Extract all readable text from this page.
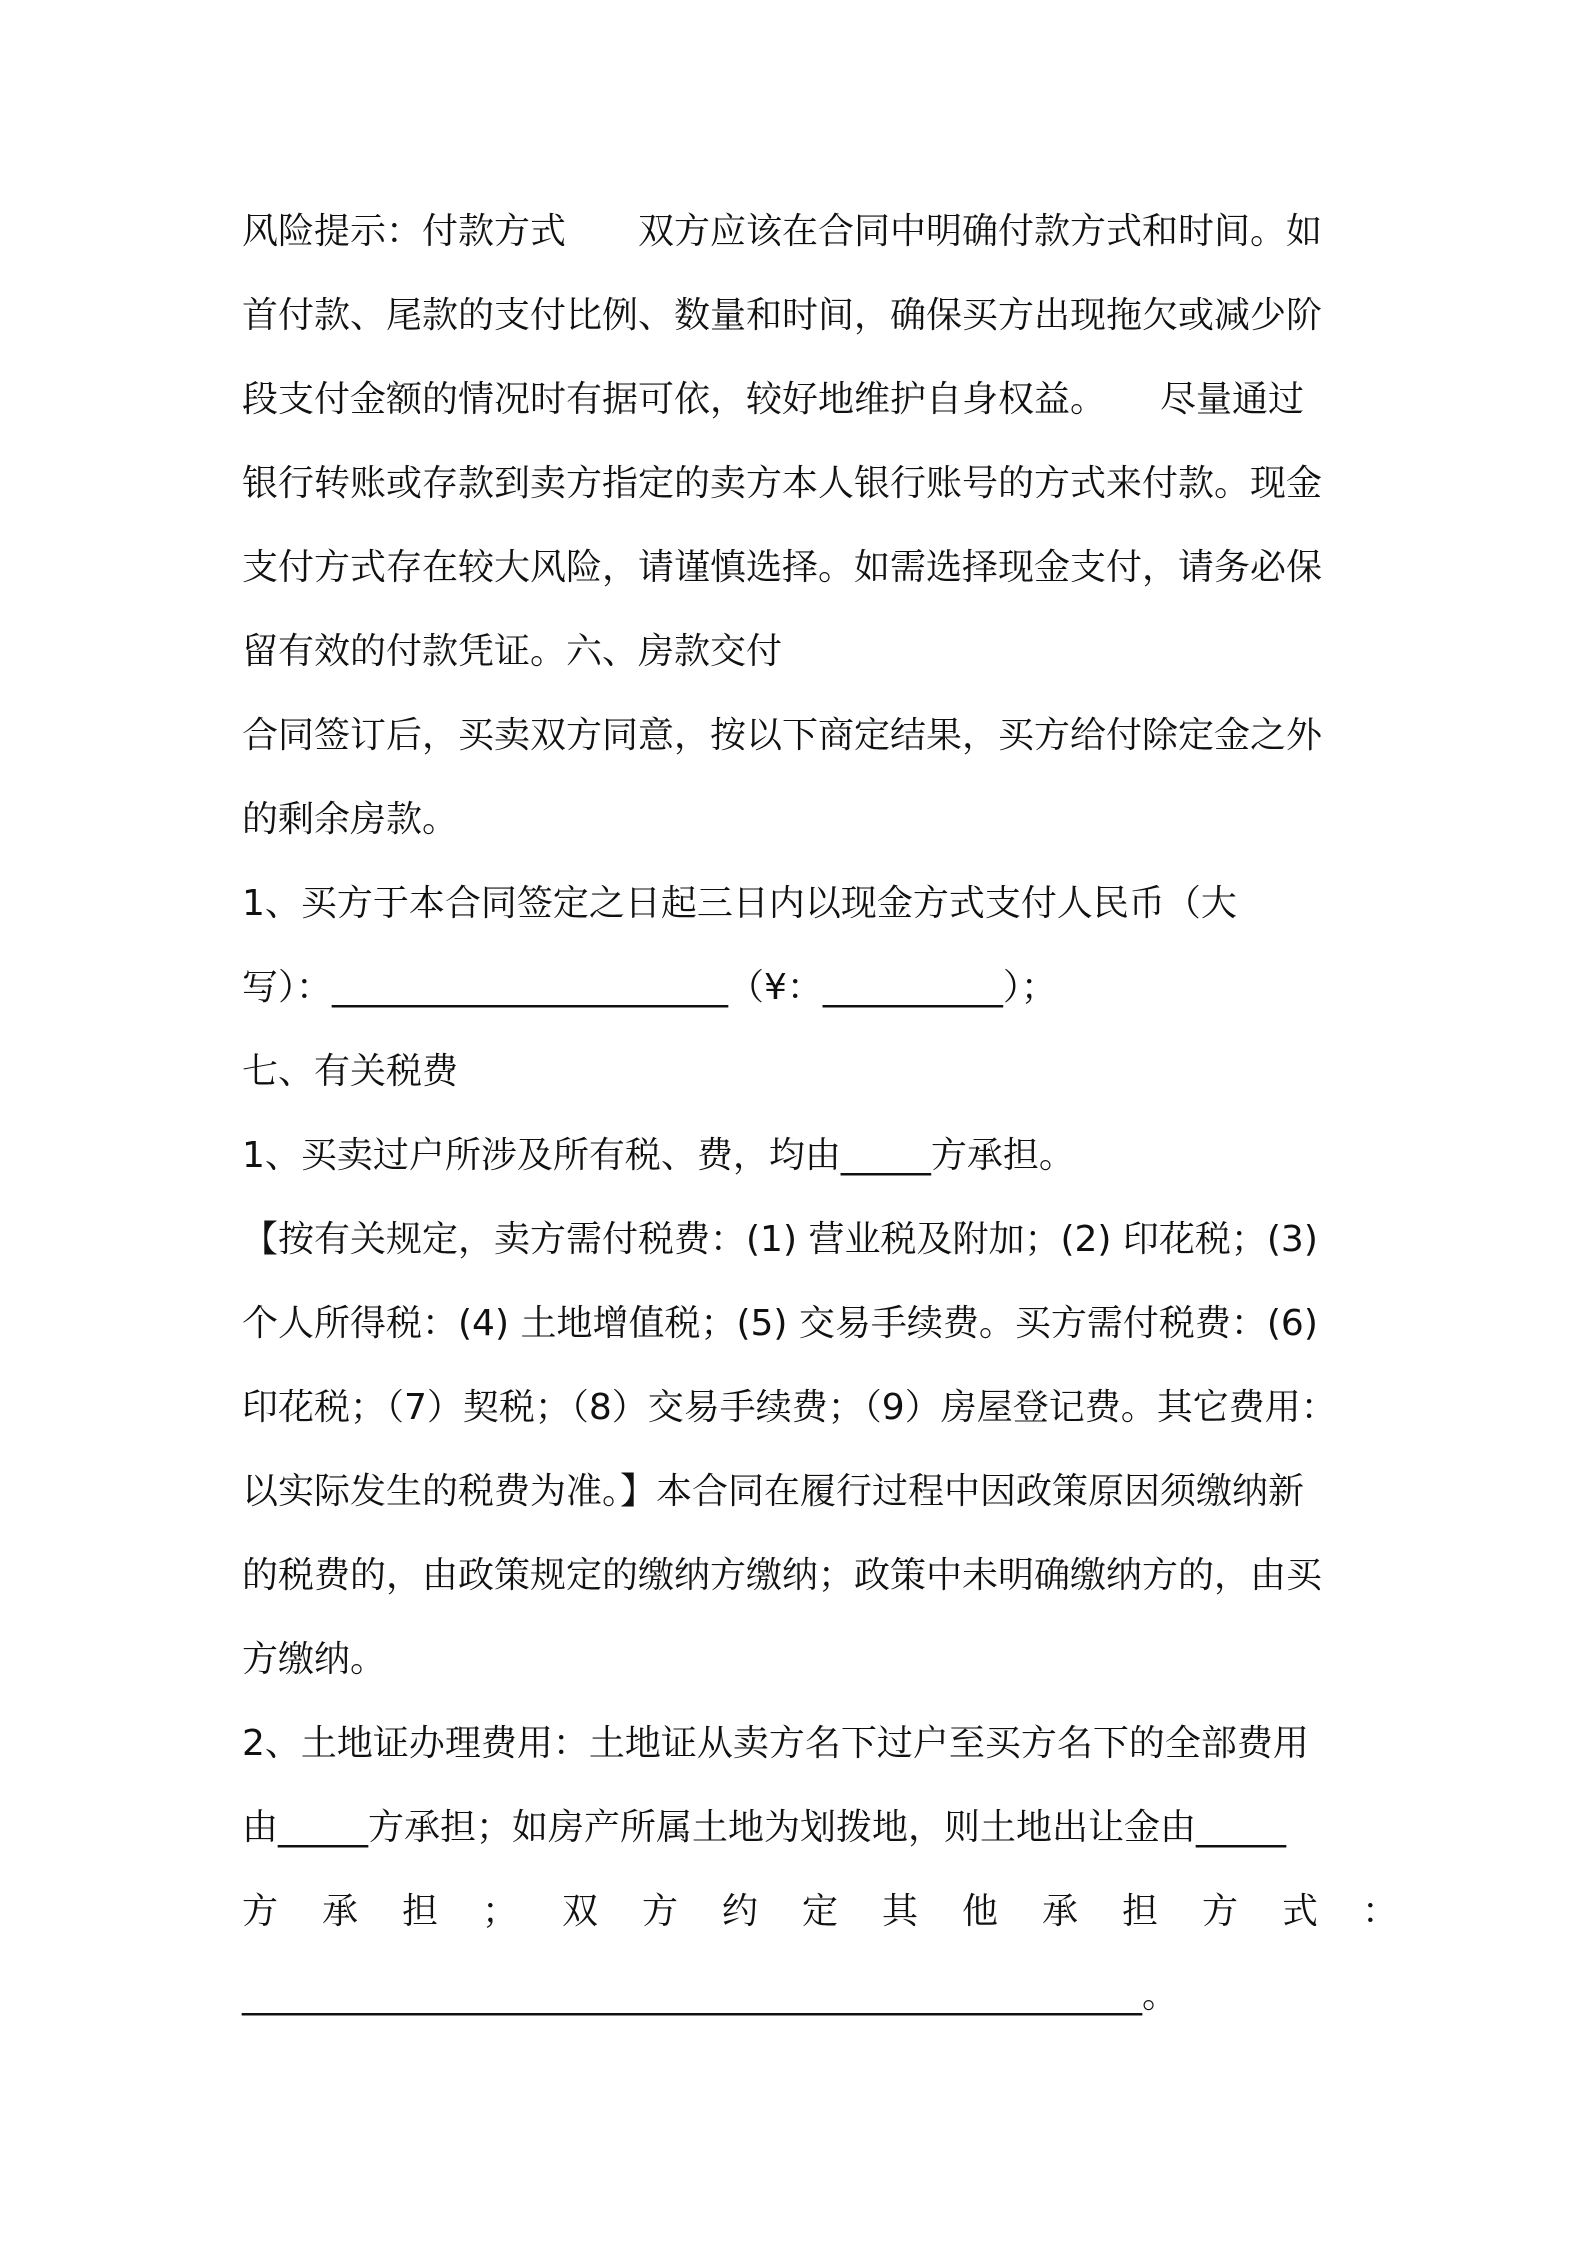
风险提示：付款方式　　双方应该在合同中明确付款方式和时间。如
首付款、尾款的支付比例、数量和时间，确保买方出现拖欠或减少阶
段支付金额的情况时有据可依，较好地维护自身权益。　　尽量通过
银行转账或存款到卖方指定的卖方本人银行账号的方式来付款。现金
支付方式存在较大风险，请谨慎选择。如需选择现金支付，请务必保
留有效的付款凭证。六、房款交付
合同签订后，买卖双方同意，按以下商定结果，买方给付除定金之外
的剩余房款。
1、买方于本合同签定之日起三日内以现金方式支付人民币（大
写）：______________________（¥：__________）；
七、有关税费
1、买卖过户所涉及所有税、费，均由_____方承担。
【按有关规定，卖方需付税费：(1) 营业税及附加；(2) 印花税；(3)
个人所得税：(4) 土地增值税；(5) 交易手续费。买方需付税费：(6)
印花税；（7）契税；（8）交易手续费；（9）房屋登记费。其它费用：
以实际发生的税费为准。】本合同在履行过程中因政策原因须缴纳新
的税费的，由政策规定的缴纳方缴纳；政策中未明确缴纳方的，由买
方缴纳。
2、土地证办理费用：土地证从卖方名下过户至买方名下的全部费用
由_____方承担；如房产所属土地为划拨地，则土地出让金由_____
方承担；双方约定其他承担方式：
__________________________________________________。
